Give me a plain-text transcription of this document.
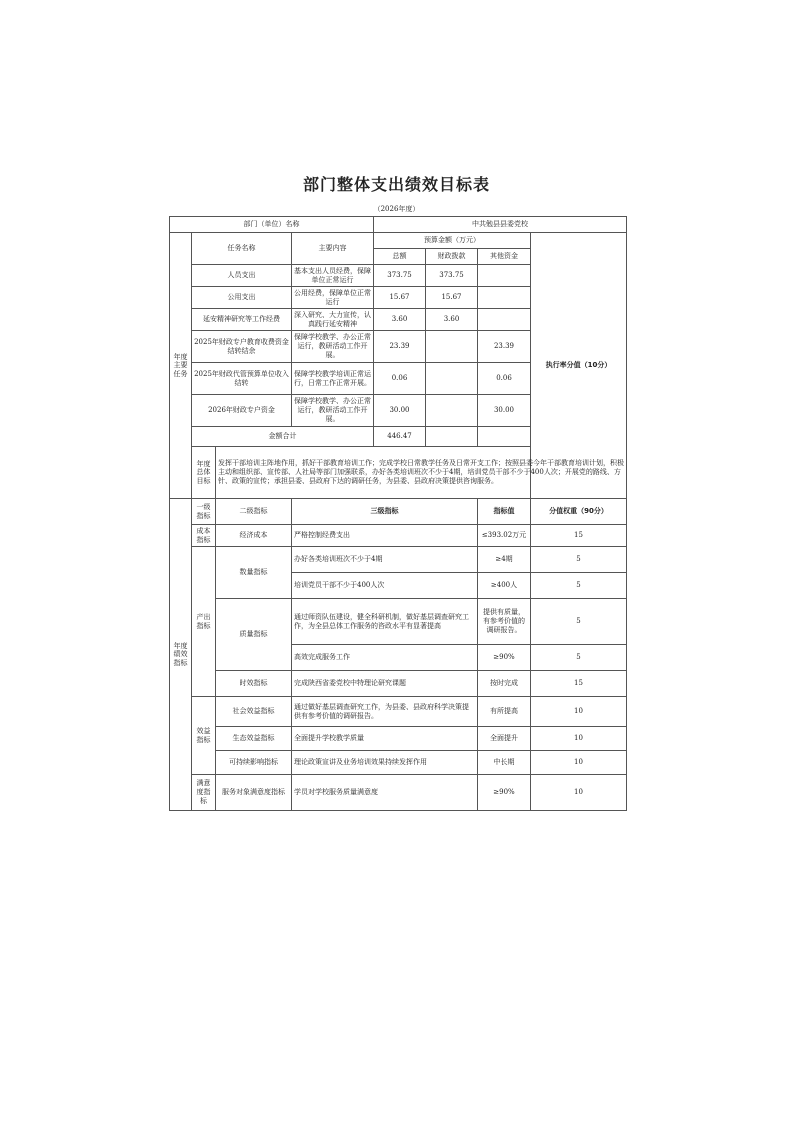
部门整体支出绩效目标表
（2026年度）
部门（单位）名称				中共勉县县委党校			
年度主要任务	任务名称		主要内容	预算金额（万元）			执行率分值（10分）
				总额	财政拨款	其他资金	
	人员支出		基本支出人员经费，保障单位正常运行	373.75	373.75		
	公用支出		公用经费，保障单位正常运行	15.67	15.67		
	延安精神研究等工作经费		深入研究、大力宣传，认真践行延安精神	3.60	3.60		
	2025年财政专户教育收费资金结转结余		保障学校教学、办公正常运行，教研活动工作开展。	23.39		23.39	
	2025年财政代管预算单位收入结转		保障学校教学培训正常运行，日常工作正常开展。	0.06		0.06	
	2026年财政专户资金		保障学校教学、办公正常运行，教研活动工作开展。	30.00		30.00	
	金额合计			446.47			
	年度总体目标	发挥干部培训主阵地作用，抓好干部教育培训工作；完成学校日常教学任务及日常开支工作；按照县委今年干部教育培训计划，积极主动和组织部、宣传部、人社局等部门加强联系，办好各类培训班次不少于4期，培训党员干部不少于400人次；开展党的路线、方针、政策的宣传；承担县委、县政府下达的调研任务，为县委、县政府决策提供咨询服务。					
年度绩效指标	一级指标	二级指标	三级指标			指标值	分值权重（90分）
	成本指标	经济成本	严格控制经费支出			≤393.02万元	15
	产出指标	数量指标	办好各类培训班次不少于4期			≥4期	5
			培训党员干部不少于400人次			≥400人	5
		质量指标	通过师资队伍建设，健全科研机制，做好基层调查研究工作，为全县总体工作服务的咨政水平有显著提高			提供有质量，有参考价值的调研报告。	5
			高效完成服务工作			≥90%	5
		时效指标	完成陕西省委党校中特理论研究课题			按时完成	15
	效益指标	社会效益指标	通过做好基层调查研究工作，为县委、县政府科学决策提供有参考价值的调研报告。			有所提高	10
		生态效益指标	全面提升学校教学质量			全面提升	10
		可持续影响指标	理论政策宣讲及业务培训效果持续发挥作用			中长期	10
	满意度指标	服务对象满意度指标	学员对学校服务质量满意度			≥90%	10
